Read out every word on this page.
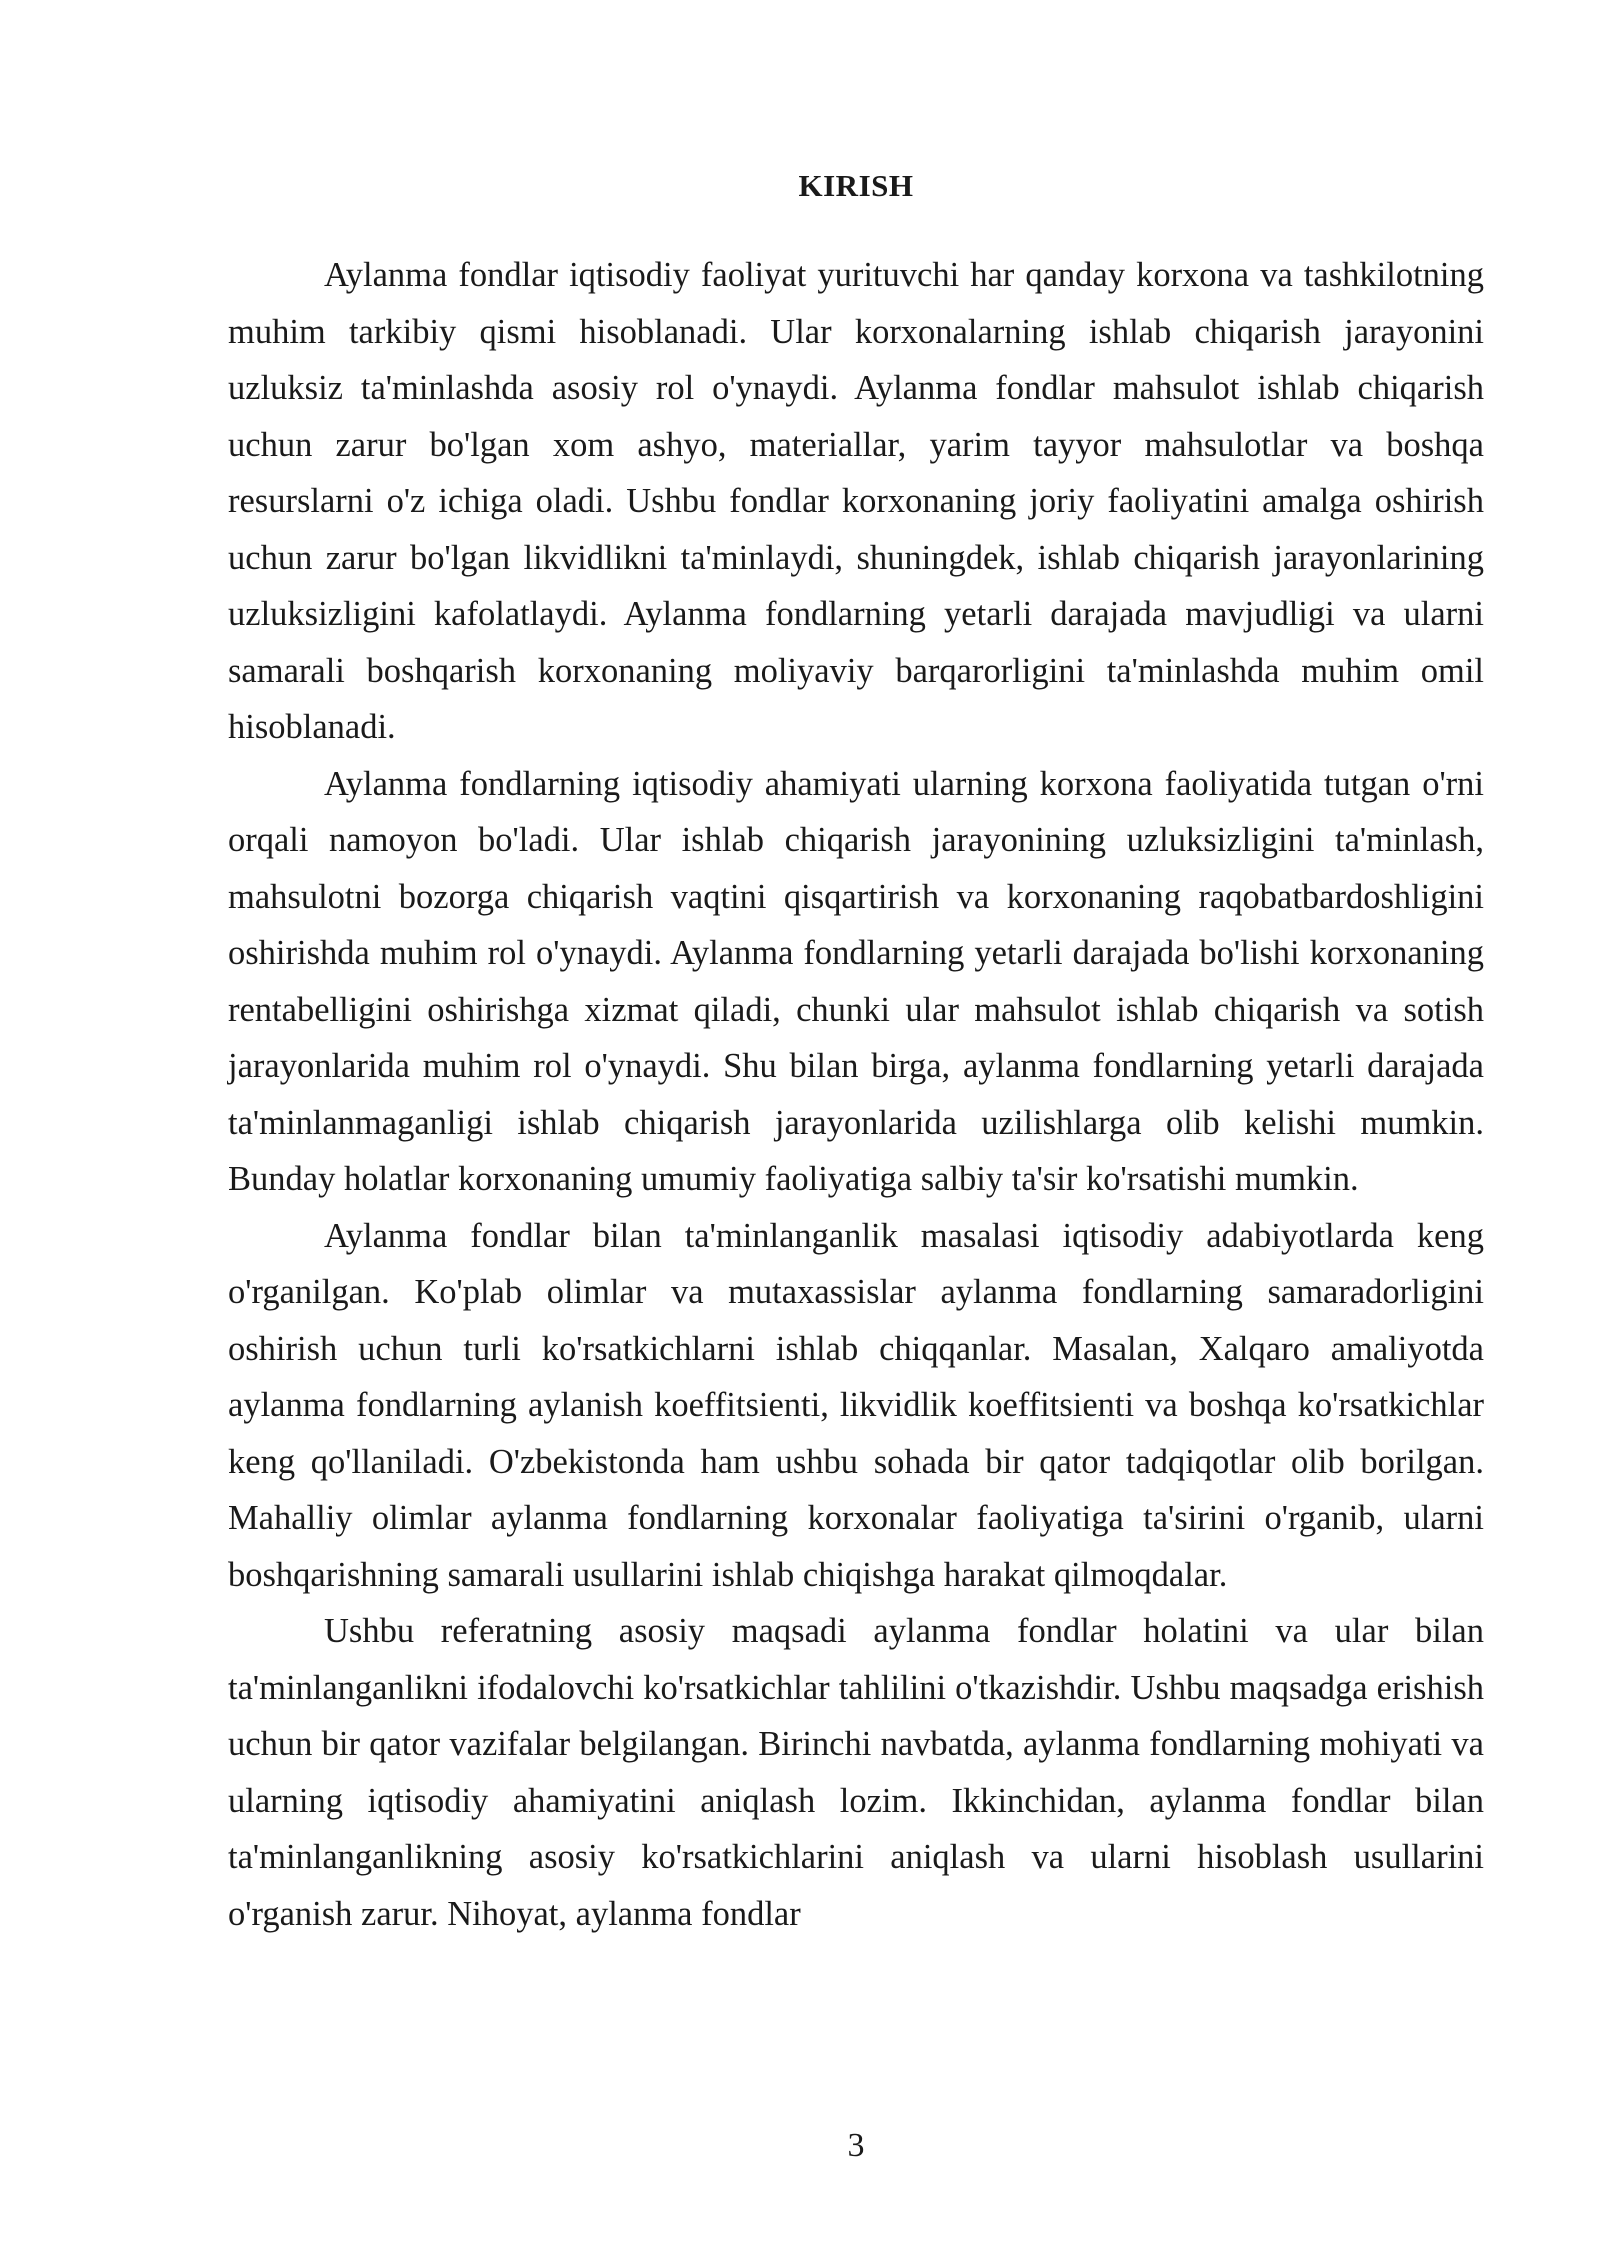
KIRISH

Aylanma fondlar iqtisodiy faoliyat yurituvchi har qanday korxona va tashkilotning muhim tarkibiy qismi hisoblanadi. Ular korxonalarning ishlab chiqarish jarayonini uzluksiz ta'minlashda asosiy rol o'ynaydi. Aylanma fondlar mahsulot ishlab chiqarish uchun zarur bo'lgan xom ashyo, materiallar, yarim tayyor mahsulotlar va boshqa resurslarni o'z ichiga oladi. Ushbu fondlar korxonaning joriy faoliyatini amalga oshirish uchun zarur bo'lgan likvidlikni ta'minlaydi, shuningdek, ishlab chiqarish jarayonlarining uzluksizligini kafolatlaydi. Aylanma fondlarning yetarli darajada mavjudligi va ularni samarali boshqarish korxonaning moliyaviy barqarorligini ta'minlashda muhim omil hisoblanadi.

Aylanma fondlarning iqtisodiy ahamiyati ularning korxona faoliyatida tutgan o'rni orqali namoyon bo'ladi. Ular ishlab chiqarish jarayonining uzluksizligini ta'minlash, mahsulotni bozorga chiqarish vaqtini qisqartirish va korxonaning raqobatbardoshligini oshirishda muhim rol o'ynaydi. Aylanma fondlarning yetarli darajada bo'lishi korxonaning rentabelligini oshirishga xizmat qiladi, chunki ular mahsulot ishlab chiqarish va sotish jarayonlarida muhim rol o'ynaydi. Shu bilan birga, aylanma fondlarning yetarli darajada ta'minlanmaganligi ishlab chiqarish jarayonlarida uzilishlarga olib kelishi mumkin. Bunday holatlar korxonaning umumiy faoliyatiga salbiy ta'sir ko'rsatishi mumkin.

Aylanma fondlar bilan ta'minlanganlik masalasi iqtisodiy adabiyotlarda keng o'rganilgan. Ko'plab olimlar va mutaxassislar aylanma fondlarning samaradorligini oshirish uchun turli ko'rsatkichlarni ishlab chiqqanlar. Masalan, Xalqaro amaliyotda aylanma fondlarning aylanish koeffitsienti, likvidlik koeffitsienti va boshqa ko'rsatkichlar keng qo'llaniladi. O'zbekistonda ham ushbu sohada bir qator tadqiqotlar olib borilgan. Mahalliy olimlar aylanma fondlarning korxonalar faoliyatiga ta'sirini o'rganib, ularni boshqarishning samarali usullarini ishlab chiqishga harakat qilmoqdalar.

Ushbu referatning asosiy maqsadi aylanma fondlar holatini va ular bilan ta'minlanganlikni ifodalovchi ko'rsatkichlar tahlilini o'tkazishdir. Ushbu maqsadga erishish uchun bir qator vazifalar belgilangan. Birinchi navbatda, aylanma fondlarning mohiyati va ularning iqtisodiy ahamiyatini aniqlash lozim. Ikkinchidan, aylanma fondlar bilan ta'minlanganlikning asosiy ko'rsatkichlarini aniqlash va ularni hisoblash usullarini o'rganish zarur. Nihoyat, aylanma fondlar

3
